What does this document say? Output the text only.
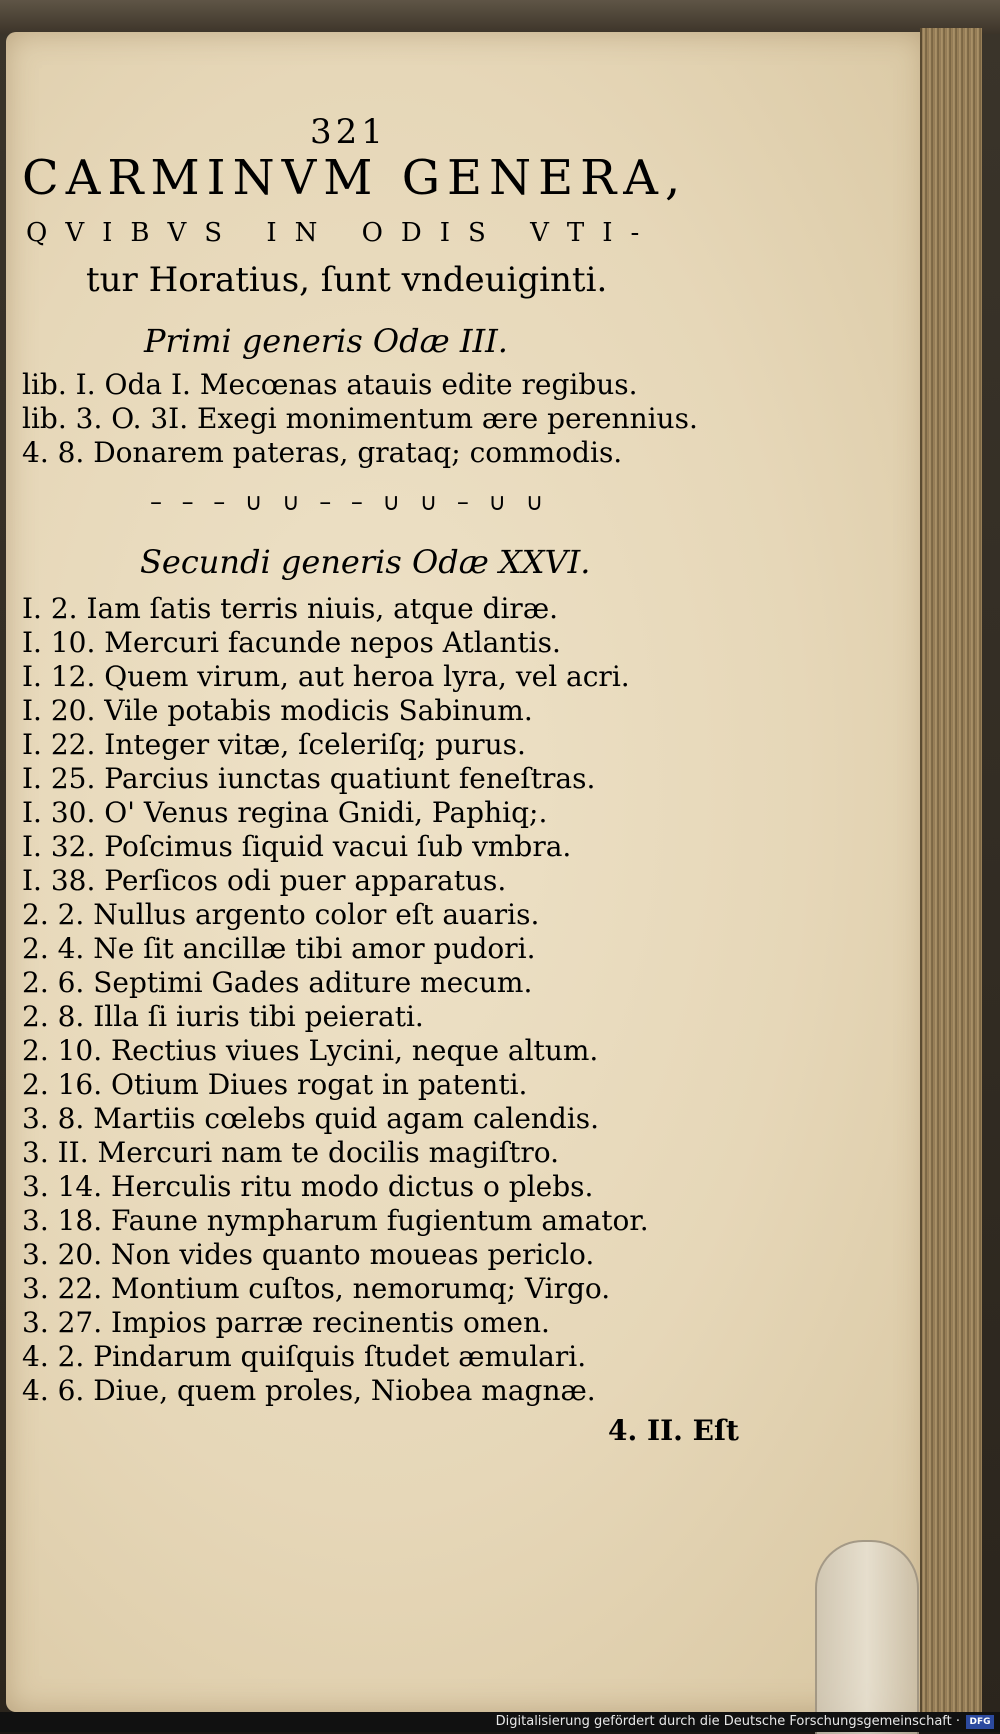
321
CARMINVM GENERA,
QVIBVS IN ODIS VTI-
tur Horatius, ſunt vndeuiginti.
Primi generis Odæ III.
lib. I. Oda I. Mecœnas atauis edite regibus.
lib. 3. O. 3I. Exegi monimentum ære perennius.
4. 8. Donarem pateras, grataq; commodis.
– – – ∪ ∪ – – ∪ ∪ – ∪ ∪
Secundi generis Odæ XXVI.
I. 2. Iam ſatis terris niuis, atque diræ.
I. 10. Mercuri facunde nepos Atlantis.
I. 12. Quem virum, aut heroa lyra, vel acri.
I. 20. Vile potabis modicis Sabinum.
I. 22. Integer vitæ, ſceleriſq; purus.
I. 25. Parcius iunctas quatiunt feneſtras.
I. 30. O' Venus regina Gnidi, Paphiq;.
I. 32. Poſcimus ſiquid vacui ſub vmbra.
I. 38. Perſicos odi puer apparatus.
2. 2. Nullus argento color eſt auaris.
2. 4. Ne ſit ancillæ tibi amor pudori.
2. 6. Septimi Gades aditure mecum.
2. 8. Illa ſi iuris tibi peierati.
2. 10. Rectius viues Lycini, neque altum.
2. 16. Otium Diues rogat in patenti.
3. 8. Martiis cœlebs quid agam calendis.
3. II. Mercuri nam te docilis magiſtro.
3. 14. Herculis ritu modo dictus o plebs.
3. 18. Faune nympharum fugientum amator.
3. 20. Non vides quanto moueas periclo.
3. 22. Montium cuſtos, nemorumq; Virgo.
3. 27. Impios parræ recinentis omen.
4. 2. Pindarum quiſquis ſtudet æmulari.
4. 6. Diue, quem proles, Niobea magnæ.
4. II. Eſt
Digitalisierung gefördert durch die Deutsche Forschungsgemeinschaft ·	DFG
